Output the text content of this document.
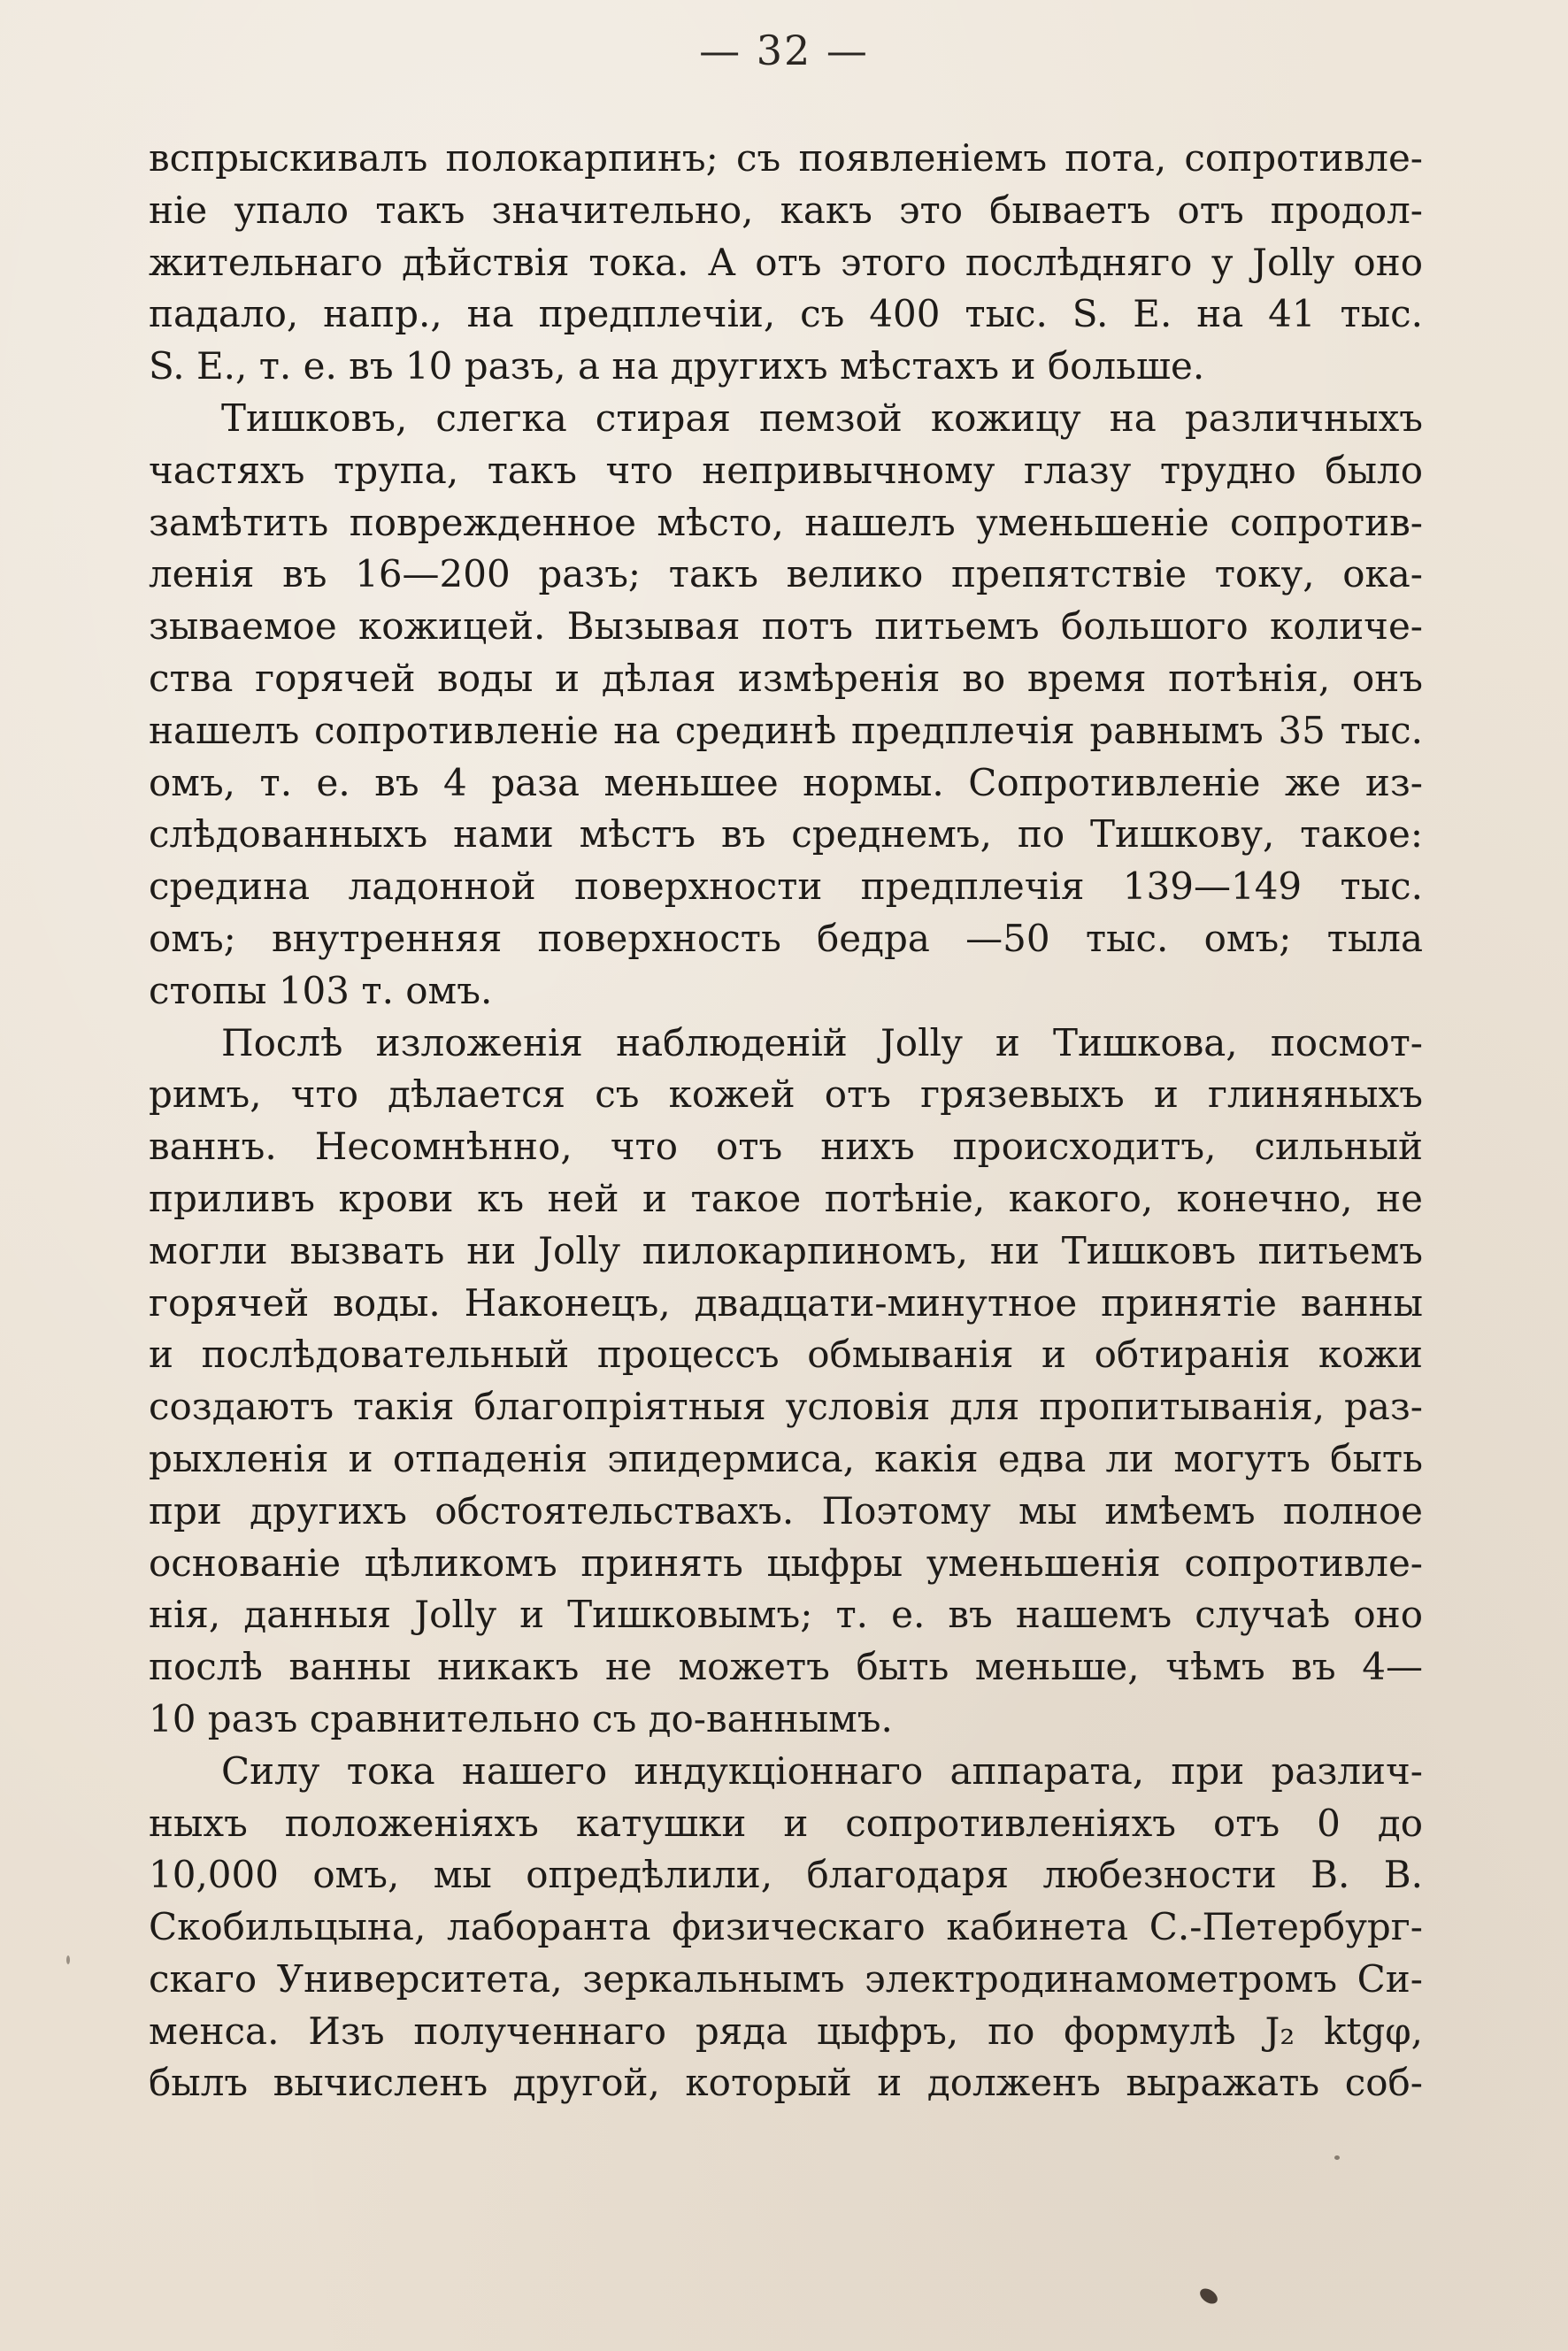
— 32 —
вспрыскивалъ полокарпинъ; съ появленіемъ пота, сопротивле-
ніе упало такъ значительно, какъ это бываетъ отъ продол-
жительнаго дѣйствія тока. А отъ этого послѣдняго у Jolly оно
падало, напр., на предплечіи, съ 400 тыс. S. E. на 41 тыс.
S. E., т. е. въ 10 разъ, а на другихъ мѣстахъ и больше.
Тишковъ, слегка стирая пемзой кожицу на различныхъ
частяхъ трупа, такъ что непривычному глазу трудно было
замѣтить поврежденное мѣсто, нашелъ уменьшеніе сопротив-
ленія въ 16—200 разъ; такъ велико препятствіе току, ока-
зываемое кожицей. Вызывая потъ питьемъ большого количе-
ства горячей воды и дѣлая измѣренія во время потѣнія, онъ
нашелъ сопротивленіе на срединѣ предплечія равнымъ 35 тыс.
омъ, т. е. въ 4 раза меньшее нормы. Сопротивленіе же из-
слѣдованныхъ нами мѣстъ въ среднемъ, по Тишкову, такое:
средина ладонной поверхности предплечія 139—149 тыс.
омъ; внутренняя поверхность бедра —50 тыс. омъ; тыла
стопы 103 т. омъ.
Послѣ изложенія наблюденій Jolly и Тишкова, посмот-
римъ, что дѣлается съ кожей отъ грязевыхъ и глиняныхъ
ваннъ. Несомнѣнно, что отъ нихъ происходитъ, сильный
приливъ крови къ ней и такое потѣніе, какого, конечно, не
могли вызвать ни Jolly пилокарпиномъ, ни Тишковъ питьемъ
горячей воды. Наконецъ, двадцати-минутное принятіе ванны
и послѣдовательный процессъ обмыванія и обтиранія кожи
создаютъ такія благопріятныя условія для пропитыванія, раз-
рыхленія и отпаденія эпидермиса, какія едва ли могутъ быть
при другихъ обстоятельствахъ. Поэтому мы имѣемъ полное
основаніе цѣликомъ принять цыфры уменьшенія сопротивле-
нія, данныя Jolly и Тишковымъ; т. е. въ нашемъ случаѣ оно
послѣ ванны никакъ не можетъ быть меньше, чѣмъ въ 4—
10 разъ сравнительно съ до-ваннымъ.
Силу тока нашего индукціоннаго аппарата, при различ-
ныхъ положеніяхъ катушки и сопротивленіяхъ отъ 0 до
10,000 омъ, мы опредѣлили, благодаря любезности В. В.
Скобильцына, лаборанта физическаго кабинета С.-Петербург-
скаго Университета, зеркальнымъ электродинамометромъ Си-
менса. Изъ полученнаго ряда цыфръ, по формулѣ J₂ ktgφ,
былъ вычисленъ другой, который и долженъ выражать соб-
